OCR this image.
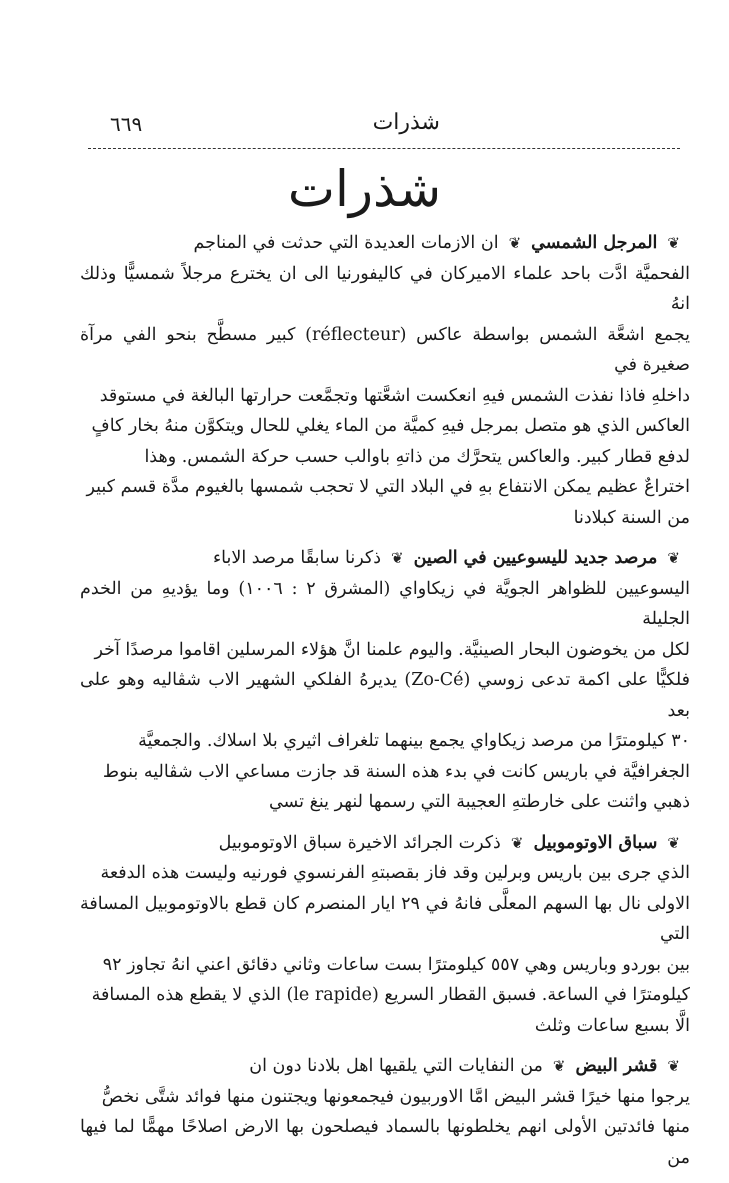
شذرات
٦٦٩
شذرات
❦المرجل الشمسي❦ان الازمات العديدة التي حدثت في المناجم
الفحميَّة ادَّت باحد علماء الاميركان في كاليفورنيا الى ان يخترع مرجلاً شمسيًّا وذلك انهُ
يجمع اشعَّة الشمس بواسطة عاكس (réflecteur) كبير مسطَّح بنحو الفي مرآة صغيرة في
داخلهِ فاذا نفذت الشمس فيهِ انعكست اشعَّتها وتجمَّعت حرارتها البالغة في مستوقد
العاكس الذي هو متصل بمرجل فيهِ كميَّة من الماء يغلي للحال ويتكوَّن منهُ بخار كافٍ
لدفع قطار كبير. والعاكس يتحرَّك من ذاتهِ باوالب حسب حركة الشمس. وهذا
اختراعٌ عظيم يمكن الانتفاع بهِ في البلاد التي لا تحجب شمسها بالغيوم مدَّة قسم كبير
من السنة كبلادنا
❦مرصد جديد لليسوعيين في الصين❦ذكرنا سابقًا مرصد الاباء
اليسوعيين للظواهر الجويَّة في زيكاواي (المشرق ٢ : ١٠٠٦) وما يؤديهِ من الخدم الجليلة
لكل من يخوضون البحار الصينيَّة. واليوم علمنا انَّ هؤلاء المرسلين اقاموا مرصدًا آخر
فلكيًّا على اكمة تدعى زوسي (Zo-Cé) يديرهُ الفلكي الشهير الاب شڤاليه وهو على بعد
٣٠ كيلومترًا من مرصد زيكاواي يجمع بينهما تلغراف اثيري بلا اسلاك. والجمعيَّة
الجغرافيَّة في باريس كانت في بدء هذه السنة قد جازت مساعي الاب شڤاليه بنوط
ذهبي واثنت على خارطتهِ العجيبة التي رسمها لنهر ينغ تسي
❦سباق الاوتوموبيل❦ذكرت الجرائد الاخيرة سباق الاوتوموبيل
الذي جرى بين باريس وبرلين وقد فاز بقصبتهِ الفرنسوي فورنيه وليست هذه الدفعة
الاولى نال بها السهم المعلَّى فانهُ في ٢٩ ايار المنصرم كان قطع بالاوتوموبيل المسافة التي
بين بوردو وباريس وهي ٥٥٧ كيلومترًا بست ساعات وثاني دقائق اعني انهُ تجاوز ٩٢
كيلومترًا في الساعة. فسبق القطار السريع (le rapide) الذي لا يقطع هذه المسافة
الَّا بسبع ساعات وثلث
❦قشر البيض❦من النفايات التي يلقيها اهل بلادنا دون ان
يرجوا منها خيرًا قشر البيض امَّا الاوربيون فيجمعونها ويجتنون منها فوائد شتَّى نخصُّ
منها فائدتين الأولى انهم يخلطونها بالسماد فيصلحون بها الارض اصلاحًا مهمًّا لما فيها من
